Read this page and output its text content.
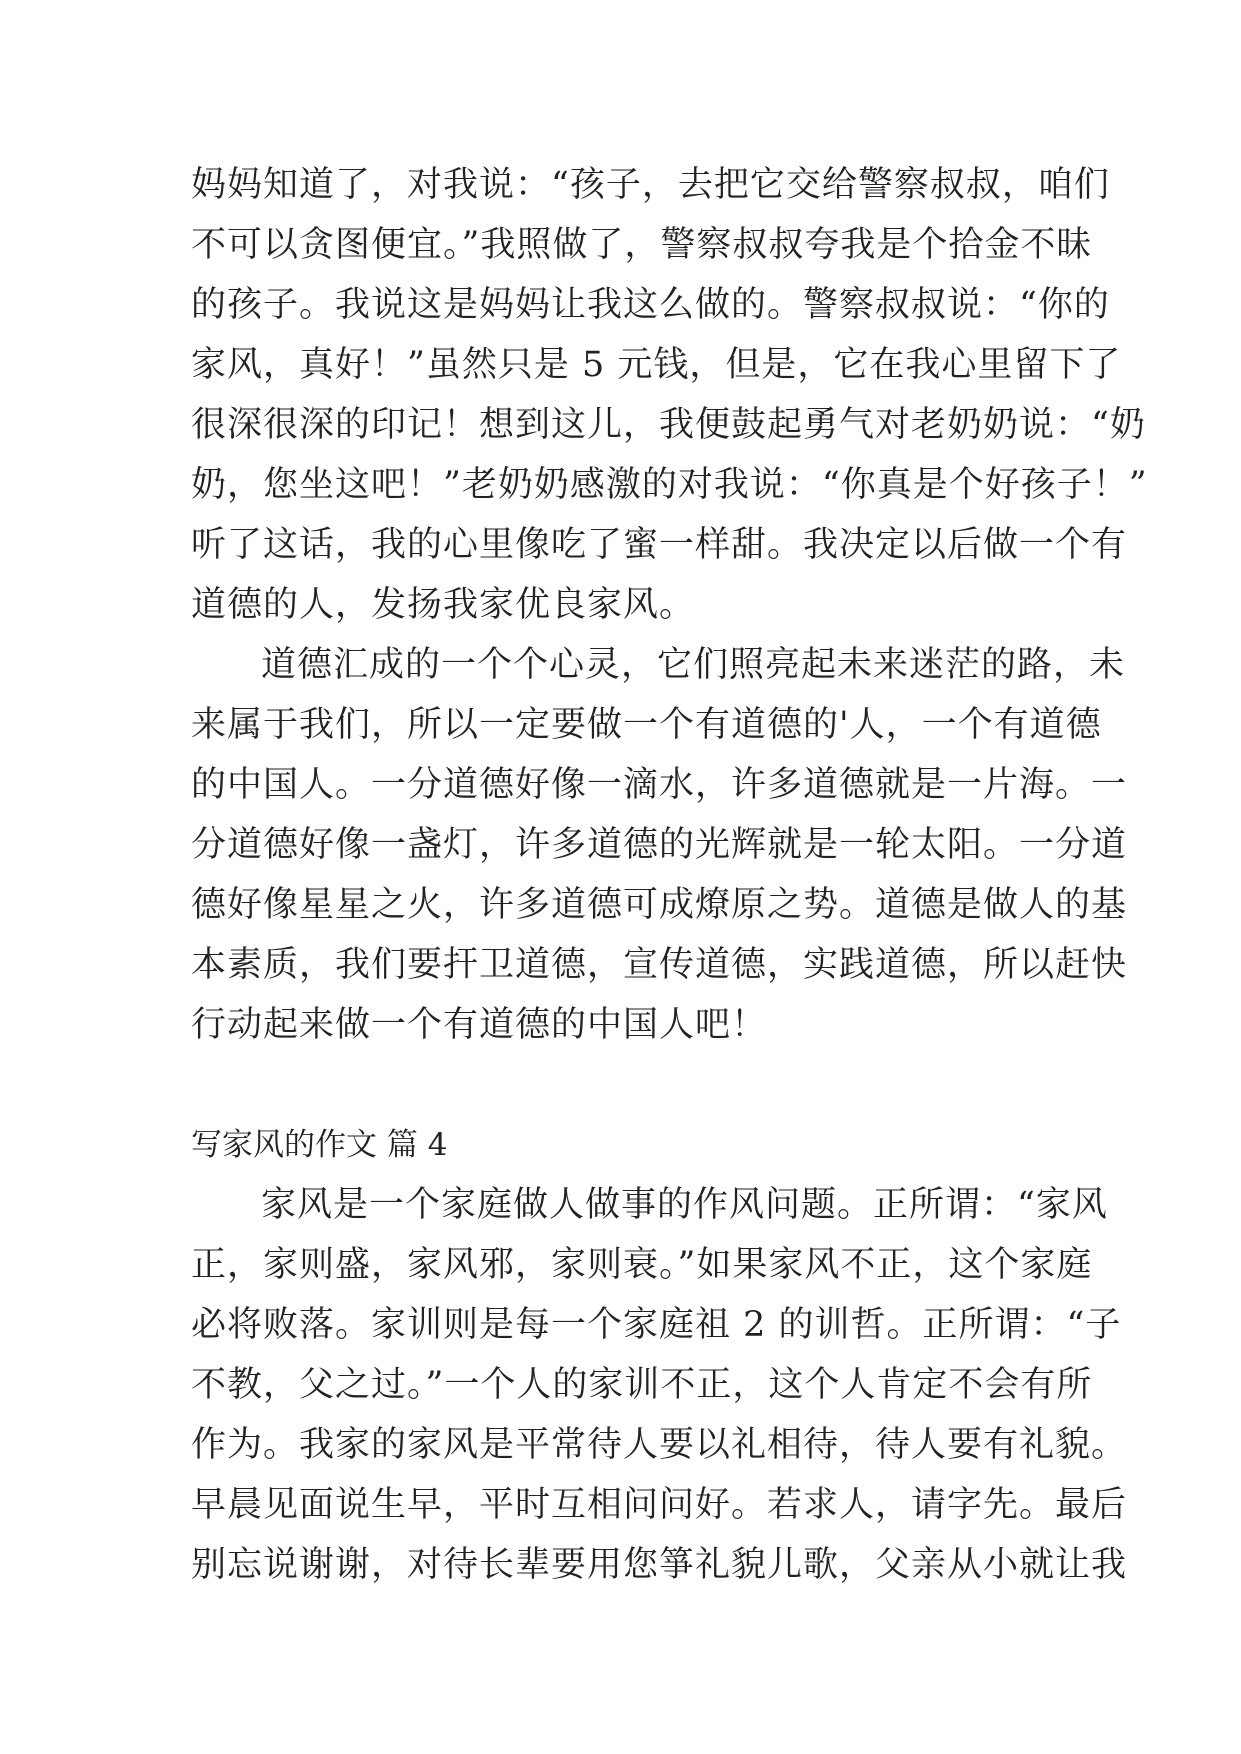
妈妈知道了，对我说：“孩子，去把它交给警察叔叔，咱们
不可以贪图便宜。”我照做了，警察叔叔夸我是个拾金不昧
的孩子。我说这是妈妈让我这么做的。警察叔叔说：“你的
家风，真好！”虽然只是 5 元钱，但是，它在我心里留下了
很深很深的印记！想到这儿，我便鼓起勇气对老奶奶说：“奶
奶，您坐这吧！”老奶奶感激的对我说：“你真是个好孩子！”
听了这话，我的心里像吃了蜜一样甜。我决定以后做一个有
道德的人，发扬我家优良家风。
道德汇成的一个个心灵，它们照亮起未来迷茫的路，未
来属于我们，所以一定要做一个有道德的'人，一个有道德
的中国人。一分道德好像一滴水，许多道德就是一片海。一
分道德好像一盏灯，许多道德的光辉就是一轮太阳。一分道
德好像星星之火，许多道德可成燎原之势。道德是做人的基
本素质，我们要扞卫道德，宣传道德，实践道德，所以赶快
行动起来做一个有道德的中国人吧！
写家风的作文 篇 4
家风是一个家庭做人做事的作风问题。正所谓：“家风
正，家则盛，家风邪，家则衰。”如果家风不正，这个家庭
必将败落。家训则是每一个家庭祖 2 的训哲。正所谓：“子
不教，父之过。”一个人的家训不正，这个人肯定不会有所
作为。我家的家风是平常待人要以礼相待，待人要有礼貌。
早晨见面说生早，平时互相问问好。若求人，请字先。最后
别忘说谢谢，对待长辈要用您箏礼貌儿歌，父亲从小就让我
